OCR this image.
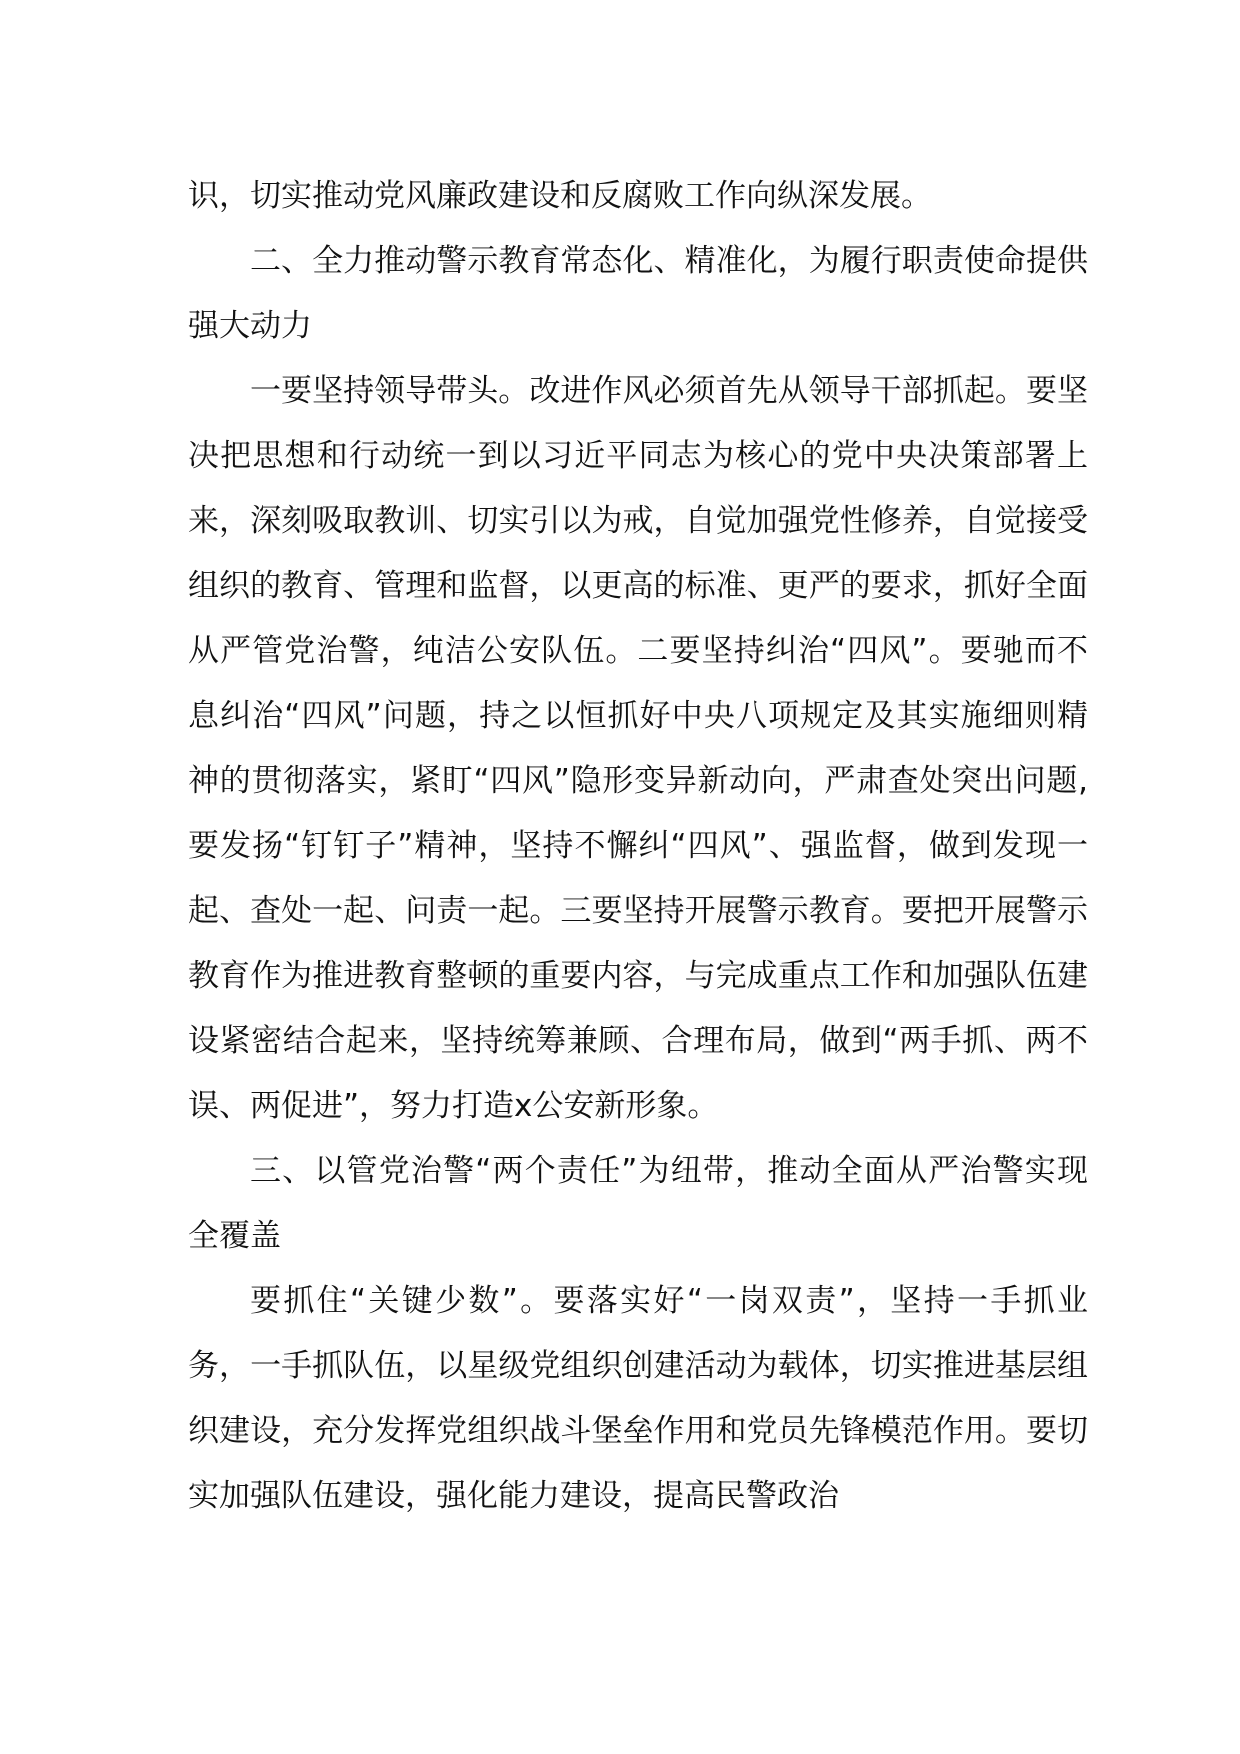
识，切实推动党风廉政建设和反腐败工作向纵深发展。

二、全力推动警示教育常态化、精准化，为履行职责使命提供强大动力

一要坚持领导带头。改进作风必须首先从领导干部抓起。要坚决把思想和行动统一到以习近平同志为核心的党中央决策部署上来，深刻吸取教训、切实引以为戒，自觉加强党性修养，自觉接受组织的教育、管理和监督，以更高的标准、更严的要求，抓好全面从严管党治警，纯洁公安队伍。二要坚持纠治“四风”。要驰而不息纠治“四风”问题，持之以恒抓好中央八项规定及其实施细则精神的贯彻落实，紧盯“四风”隐形变异新动向，严肃查处突出问题,要发扬“钉钉子”精神，坚持不懈纠“四风”、强监督，做到发现一起、查处一起、问责一起。三要坚持开展警示教育。要把开展警示教育作为推进教育整顿的重要内容，与完成重点工作和加强队伍建设紧密结合起来，坚持统筹兼顾、合理布局，做到“两手抓、两不误、两促进”，努力打造x公安新形象。

三、以管党治警“两个责任”为纽带，推动全面从严治警实现全覆盖

要抓住“关键少数”。要落实好“一岗双责”，坚持一手抓业务，一手抓队伍，以星级党组织创建活动为载体，切实推进基层组织建设，充分发挥党组织战斗堡垒作用和党员先锋模范作用。要切实加强队伍建设，强化能力建设，提高民警政治
